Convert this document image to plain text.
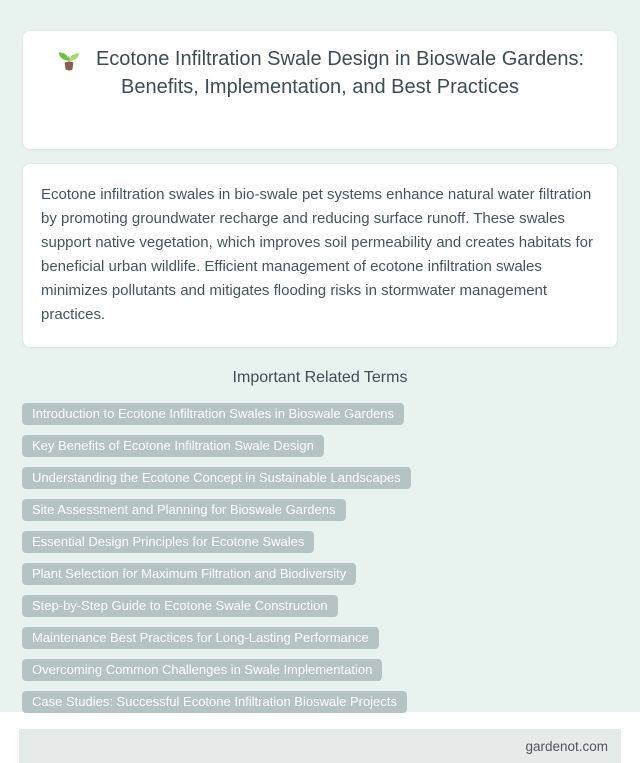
Ecotone Infiltration Swale Design in Bioswale Gardens: Benefits, Implementation, and Best Practices

Ecotone infiltration swales in bio-swale pet systems enhance natural water filtration by promoting groundwater recharge and reducing surface runoff. These swales support native vegetation, which improves soil permeability and creates habitats for beneficial urban wildlife. Efficient management of ecotone infiltration swales minimizes pollutants and mitigates flooding risks in stormwater management practices.

Important Related Terms
Introduction to Ecotone Infiltration Swales in Bioswale Gardens
Key Benefits of Ecotone Infiltration Swale Design
Understanding the Ecotone Concept in Sustainable Landscapes
Site Assessment and Planning for Bioswale Gardens
Essential Design Principles for Ecotone Swales
Plant Selection for Maximum Filtration and Biodiversity
Step-by-Step Guide to Ecotone Swale Construction
Maintenance Best Practices for Long-Lasting Performance
Overcoming Common Challenges in Swale Implementation
Case Studies: Successful Ecotone Infiltration Bioswale Projects
gardenot.com
